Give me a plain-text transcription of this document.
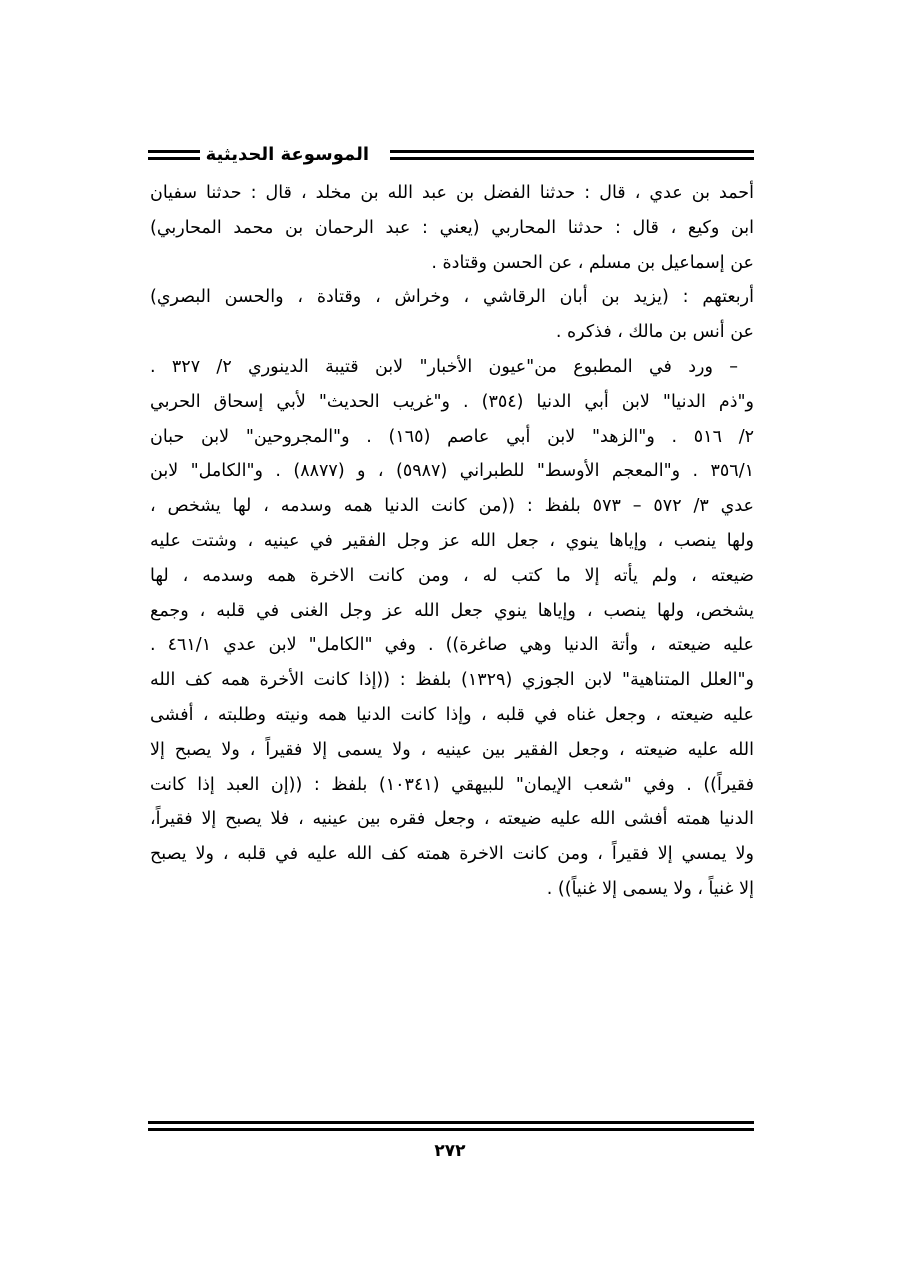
الموسوعة الحديثية
أحمد بن عدي ، قال : حدثنا الفضل بن عبد الله بن مخلد ، قال : حدثنا سفيان
ابن وكيع ، قال : حدثنا المحاربي (يعني : عبد الرحمان بن محمد المحاربي)
عن إسماعيل بن مسلم ، عن الحسن وقتادة .
أربعتهم : (يزيد بن أبان الرقاشي ، وخراش ، وقتادة ، والحسن البصري)
عن أنس بن مالك ، فذكره .
– ورد في المطبوع من"عيون الأخبار" لابن قتيبة الدينوري ٢/ ٣٢٧ .
و"ذم الدنيا" لابن أبي الدنيا (٣٥٤) . و"غريب الحديث" لأبي إسحاق الحربي
٢/ ٥١٦ . و"الزهد" لابن أبي عاصم (١٦٥) . و"المجروحين" لابن حبان
٣٥٦/١ . و"المعجم الأوسط" للطبراني (٥٩٨٧) ، و (٨٨٧٧) . و"الكامل" لابن
عدي ٣/ ٥٧٢ – ٥٧٣ بلفظ : ((من كانت الدنيا همه وسدمه ، لها يشخص ،
ولها ينصب ، وإياها ينوي ، جعل الله عز وجل الفقير في عينيه ، وشتت عليه
ضيعته ، ولم يأته إلا ما كتب له ، ومن كانت الاخرة همه وسدمه ، لها
يشخص، ولها ينصب ، وإياها ينوي جعل الله عز وجل الغنى في قلبه ، وجمع
عليه ضيعته ، وأتة الدنيا وهي صاغرة)) . وفي "الكامل" لابن عدي ٤٦١/١ .
و"العلل المتناهية" لابن الجوزي (١٣٢٩) بلفظ : ((إذا كانت الأخرة همه كف الله
عليه ضيعته ، وجعل غناه في قلبه ، وإذا كانت الدنيا همه ونيته وطلبته ، أفشى
الله عليه ضيعته ، وجعل الفقير بين عينيه ، ولا يسمى إلا فقيراً ، ولا يصبح إلا
فقيراً)) . وفي "شعب الإيمان" للبيهقي (١٠٣٤١) بلفظ : ((إن العبد إذا كانت
الدنيا همته أفشى الله عليه ضيعته ، وجعل فقره بين عينيه ، فلا يصبح إلا فقيراً،
ولا يمسي إلا فقيراً ، ومن كانت الاخرة همته كف الله عليه في قلبه ، ولا يصبح
إلا غنياً ، ولا يسمى إلا غنياً)) .
٢٧٢
